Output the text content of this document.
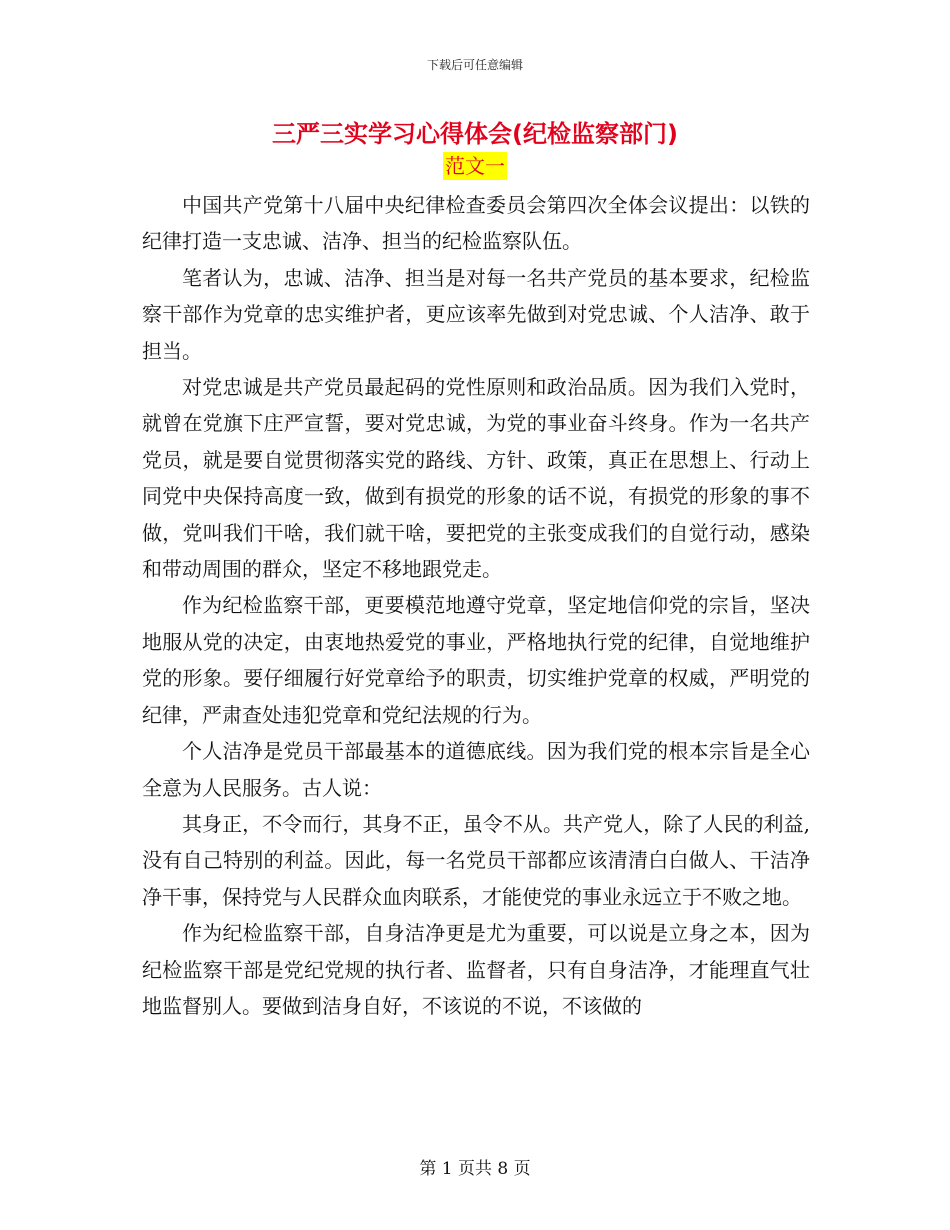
下载后可任意编辑
三严三实学习心得体会(纪检监察部门)
范文一

中国共产党第十八届中央纪律检查委员会第四次全体会议提出：以铁的纪律打造一支忠诚、洁净、担当的纪检监察队伍。

笔者认为，忠诚、洁净、担当是对每一名共产党员的基本要求，纪检监察干部作为党章的忠实维护者，更应该率先做到对党忠诚、个人洁净、敢于担当。

对党忠诚是共产党员最起码的党性原则和政治品质。因为我们入党时，就曾在党旗下庄严宣誓，要对党忠诚，为党的事业奋斗终身。作为一名共产党员，就是要自觉贯彻落实党的路线、方针、政策，真正在思想上、行动上同党中央保持高度一致，做到有损党的形象的话不说，有损党的形象的事不做，党叫我们干啥，我们就干啥，要把党的主张变成我们的自觉行动，感染和带动周围的群众，坚定不移地跟党走。

作为纪检监察干部，更要模范地遵守党章，坚定地信仰党的宗旨，坚决地服从党的决定，由衷地热爱党的事业，严格地执行党的纪律，自觉地维护党的形象。要仔细履行好党章给予的职责，切实维护党章的权威，严明党的纪律，严肃查处违犯党章和党纪法规的行为。

个人洁净是党员干部最基本的道德底线。因为我们党的根本宗旨是全心全意为人民服务。古人说：

其身正，不令而行，其身不正，虽令不从。共产党人，除了人民的利益,没有自己特别的利益。因此，每一名党员干部都应该清清白白做人、干洁净净干事，保持党与人民群众血肉联系，才能使党的事业永远立于不败之地。

作为纪检监察干部，自身洁净更是尤为重要，可以说是立身之本，因为纪检监察干部是党纪党规的执行者、监督者，只有自身洁净，才能理直气壮地监督别人。要做到洁身自好，不该说的不说，不该做的

第 1 页共 8 页
